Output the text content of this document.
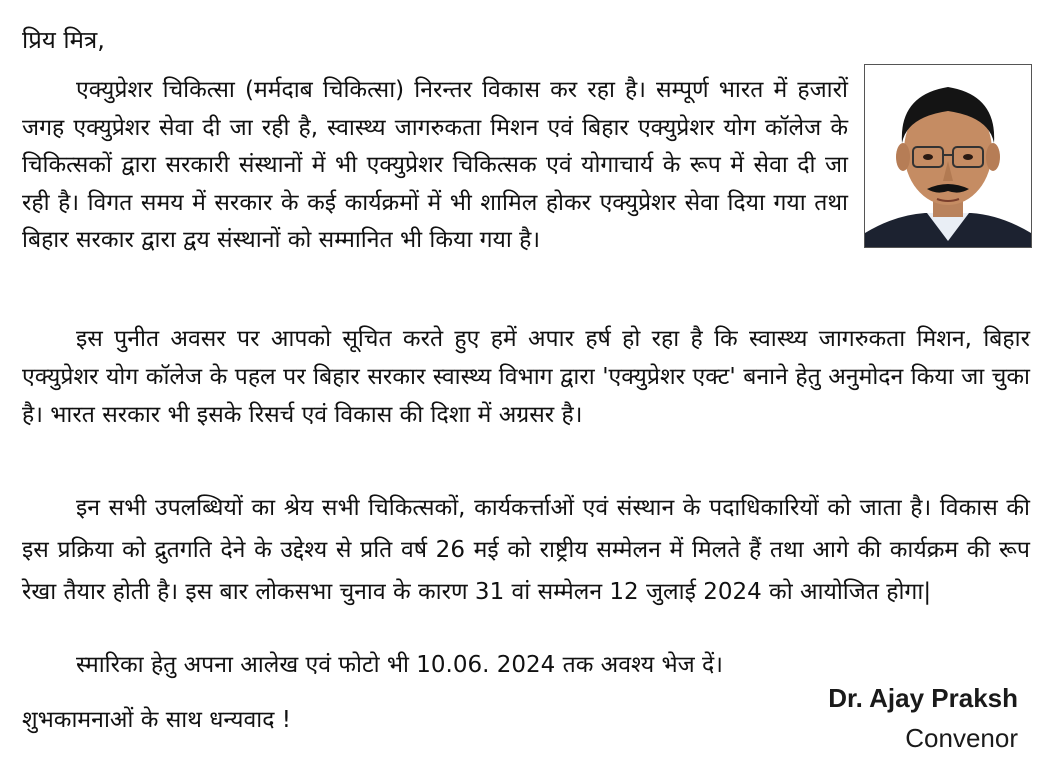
प्रिय मित्र,

एक्युप्रेशर चिकित्सा (मर्मदाब चिकित्सा) निरन्तर विकास कर रहा है। सम्पूर्ण भारत में हजारों जगह एक्युप्रेशर सेवा दी जा रही है, स्वास्थ्य जागरुकता मिशन एवं बिहार एक्युप्रेशर योग कॉलेज के चिकित्सकों द्वारा सरकारी संस्थानों में भी एक्युप्रेशर चिकित्सक एवं योगाचार्य के रूप में सेवा दी जा रही है। विगत समय में सरकार के कई कार्यक्रमों में भी शामिल होकर एक्युप्रेशर सेवा दिया गया तथा बिहार सरकार द्वारा द्वय संस्थानों को सम्मानित भी किया गया है।

इस पुनीत अवसर पर आपको सूचित करते हुए हमें अपार हर्ष हो रहा है कि स्वास्थ्य जागरुकता मिशन, बिहार एक्युप्रेशर योग कॉलेज के पहल पर बिहार सरकार स्वास्थ्य विभाग द्वारा 'एक्युप्रेशर एक्ट' बनाने हेतु अनुमोदन किया जा चुका है। भारत सरकार भी इसके रिसर्च एवं विकास की दिशा में अग्रसर है।

इन सभी उपलब्धियों का श्रेय सभी चिकित्सकों, कार्यकर्त्ताओं एवं संस्थान के पदाधिकारियों को जाता है। विकास की इस प्रक्रिया को द्रुतगति देने के उद्देश्य से प्रति वर्ष 26 मई को राष्ट्रीय सम्मेलन में मिलते हैं तथा आगे की कार्यक्रम की रूप रेखा तैयार होती है। इस बार लोकसभा चुनाव के कारण 31 वां सम्मेलन 12 जुलाई 2024 को आयोजित होगा|

स्मारिका हेतु अपना आलेख एवं फोटो भी 10.06. 2024 तक अवश्य भेज दें।

शुभकामनाओं के साथ धन्यवाद !
Dr. Ajay Praksh
Convenor
